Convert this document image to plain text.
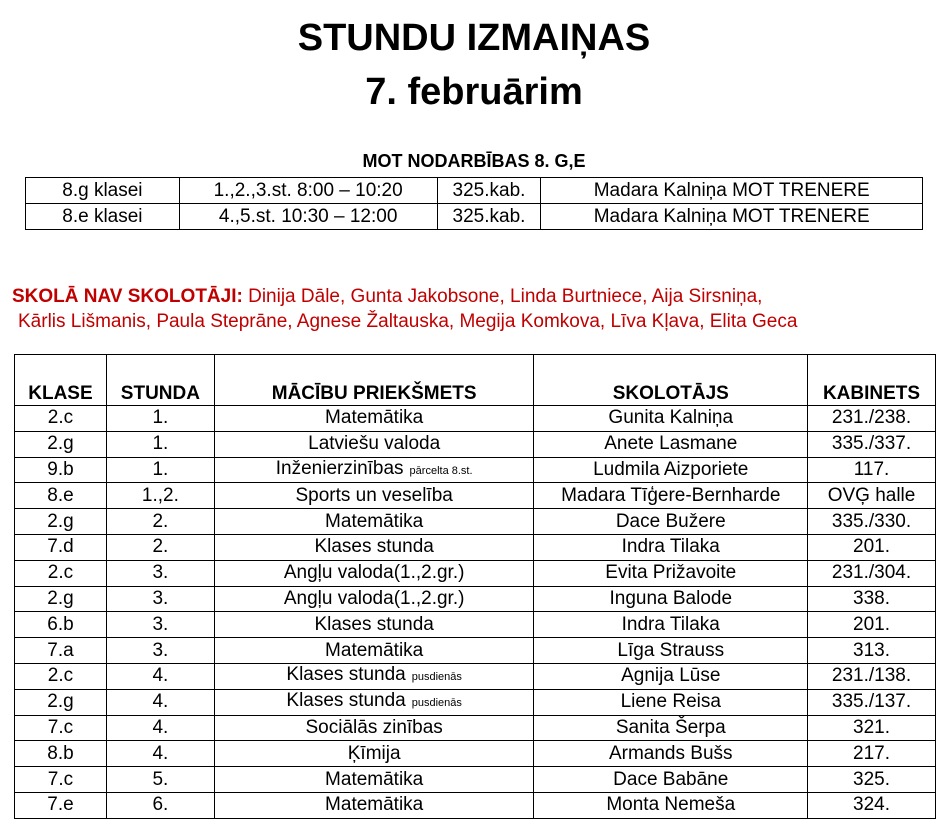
STUNDU IZMAIŅAS
7. februārim
MOT NODARBĪBAS 8. G,E
8.g klasei	1.,2.,3.st. 8:00 – 10:20	325.kab.	Madara Kalniņa MOT TRENERE
8.e klasei	4.,5.st. 10:30 – 12:00	325.kab.	Madara Kalniņa MOT TRENERE
SKOLĀ NAV SKOLOTĀJI: Dinija Dāle, Gunta Jakobsone, Linda Burtniece, Aija Sirsniņa,
Kārlis Lišmanis, Paula Steprāne, Agnese Žaltauska, Megija Komkova, Līva Kļava, Elita Geca
KLASE	STUNDA	MĀCĪBU PRIEKŠMETS	SKOLOTĀJS	KABINETS
2.c	1.	Matemātika	Gunita Kalniņa	231./238.
2.g	1.	Latviešu valoda	Anete Lasmane	335./337.
9.b	1.	Inženierzinības pārcelta 8.st.	Ludmila Aizporiete	117.
8.e	1.,2.	Sports un veselība	Madara Tīģere-Bernharde	OVĢ halle
2.g	2.	Matemātika	Dace Bužere	335./330.
7.d	2.	Klases stunda	Indra Tilaka	201.
2.c	3.	Angļu valoda(1.,2.gr.)	Evita Prižavoite	231./304.
2.g	3.	Angļu valoda(1.,2.gr.)	Inguna Balode	338.
6.b	3.	Klases stunda	Indra Tilaka	201.
7.a	3.	Matemātika	Līga Strauss	313.
2.c	4.	Klases stunda pusdienās	Agnija Lūse	231./138.
2.g	4.	Klases stunda pusdienās	Liene Reisa	335./137.
7.c	4.	Sociālās zinības	Sanita Šerpa	321.
8.b	4.	Ķīmija	Armands Bušs	217.
7.c	5.	Matemātika	Dace Babāne	325.
7.e	6.	Matemātika	Monta Nemeša	324.
